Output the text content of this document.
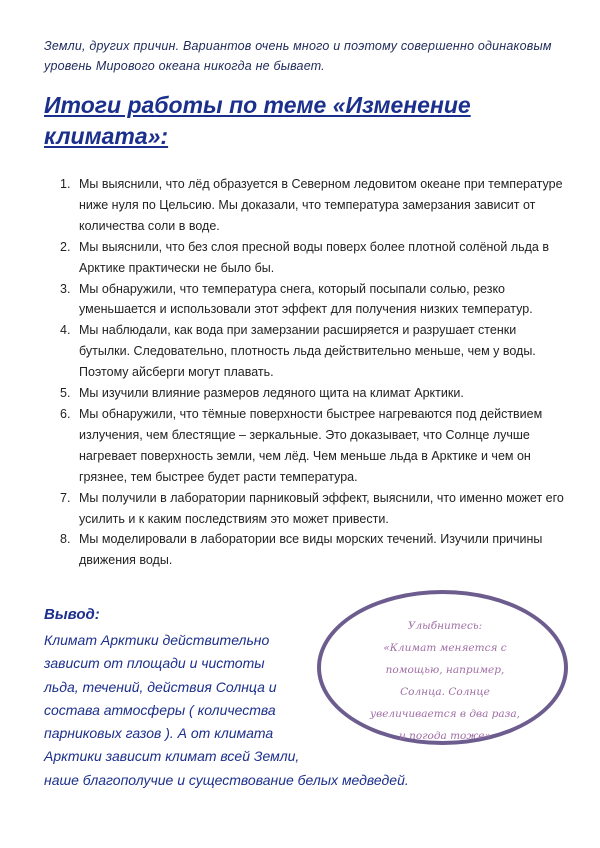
Земли, других причин. Вариантов очень много и поэтому совершенно одинаковым уровень Мирового океана никогда не бывает.
Итоги работы по теме «Изменение климата»:
1. Мы выяснили, что лёд образуется в Северном ледовитом океане при температуре ниже нуля по Цельсию. Мы доказали, что температура замерзания зависит от количества соли в воде.
2. Мы выяснили, что без слоя пресной воды поверх более плотной солёной льда в Арктике практически не было бы.
3. Мы обнаружили, что температура снега, который посыпали солью, резко уменьшается и использовали этот эффект для получения низких температур.
4. Мы наблюдали, как вода при замерзании расширяется и разрушает стенки бутылки. Следовательно, плотность льда действительно меньше, чем у воды. Поэтому айсберги могут плавать.
5. Мы изучили влияние размеров ледяного щита на климат Арктики.
6. Мы обнаружили, что тёмные поверхности быстрее нагреваются под действием излучения, чем блестящие – зеркальные. Это доказывает, что Солнце лучше нагревает поверхность земли, чем лёд. Чем меньше льда в Арктике и чем он грязнее, тем быстрее будет расти температура.
7. Мы получили в лаборатории парниковый эффект, выяснили, что именно может его усилить и к каким последствиям это может привести.
8. Мы моделировали в лаборатории все виды морских течений. Изучили причины движения воды.
Вывод:
Климат Арктики действительно
зависит от площади и чистоты
льда, течений, действия Солнца и
состава атмосферы ( количества
парниковых газов ). А от климата
Арктики зависит климат всей Земли,
наше благополучие и существование белых медведей.
Улыбнитесь:
«Климат меняется с
помощью, например,
Солнца. Солнце
увеличивается в два раза,
и погода тоже»
